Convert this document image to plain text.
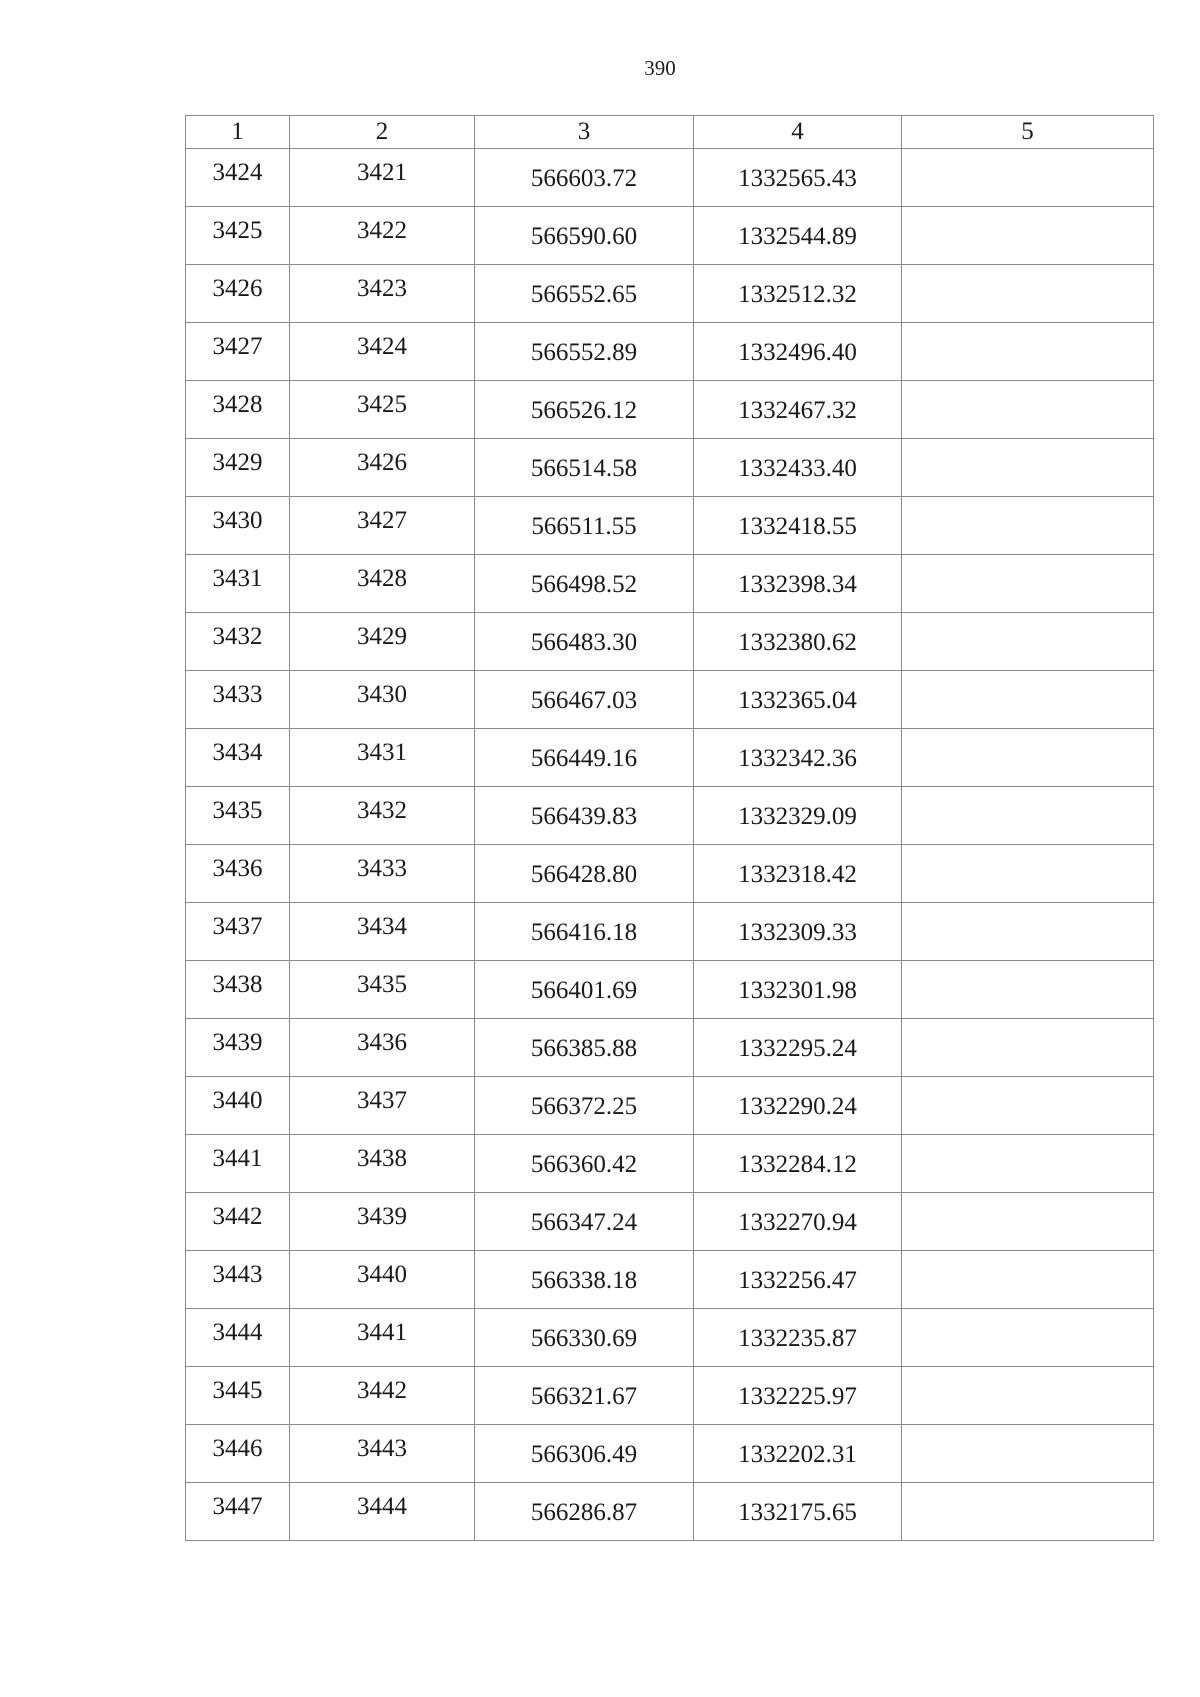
390
1	2	3	4	5
3424	3421	566603.72	1332565.43	
3425	3422	566590.60	1332544.89	
3426	3423	566552.65	1332512.32	
3427	3424	566552.89	1332496.40	
3428	3425	566526.12	1332467.32	
3429	3426	566514.58	1332433.40	
3430	3427	566511.55	1332418.55	
3431	3428	566498.52	1332398.34	
3432	3429	566483.30	1332380.62	
3433	3430	566467.03	1332365.04	
3434	3431	566449.16	1332342.36	
3435	3432	566439.83	1332329.09	
3436	3433	566428.80	1332318.42	
3437	3434	566416.18	1332309.33	
3438	3435	566401.69	1332301.98	
3439	3436	566385.88	1332295.24	
3440	3437	566372.25	1332290.24	
3441	3438	566360.42	1332284.12	
3442	3439	566347.24	1332270.94	
3443	3440	566338.18	1332256.47	
3444	3441	566330.69	1332235.87	
3445	3442	566321.67	1332225.97	
3446	3443	566306.49	1332202.31	
3447	3444	566286.87	1332175.65	
